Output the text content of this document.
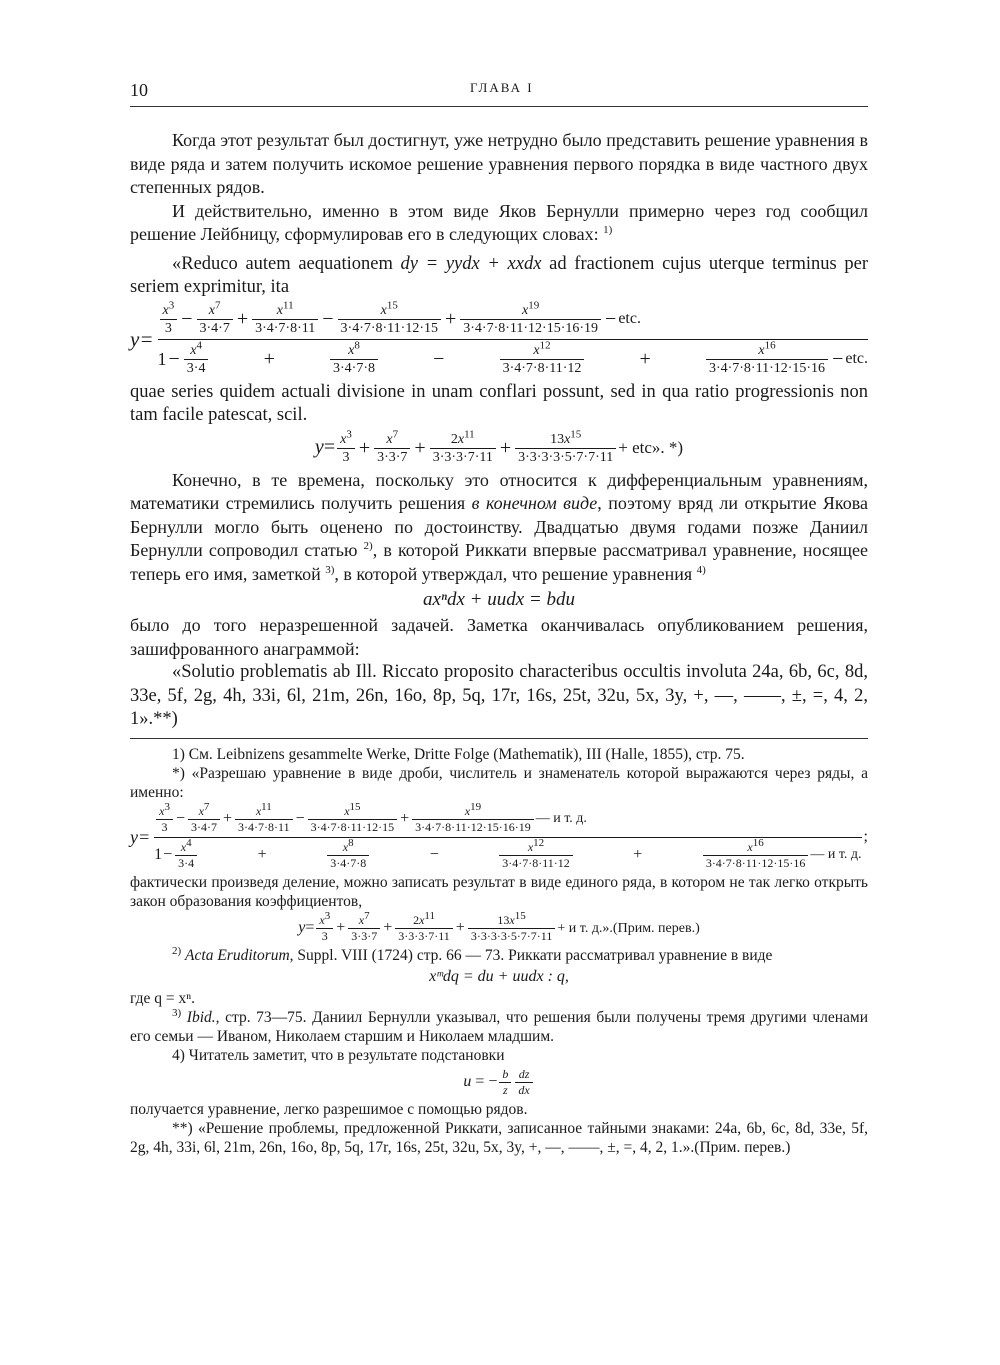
10	ГЛАВА I

Когда этот результат был достигнут, уже нетрудно было представить решение уравнения в виде ряда и затем получить искомое решение уравнения первого порядка в виде частного двух степенных рядов.

И действительно, именно в этом виде Яков Бернулли примерно через год сообщил решение Лейбницу, сформулировав его в следующих словах: $^{1)}$

«Reduco autem aequationem dy = yydx + xxdx ad fractionem cujus uterque terminus per seriem exprimitur, ita

y=
$\frac{x^3}{3} - \frac{x^7}{3\cdot 4\cdot 7} + \frac{x^{11}}{3\cdot 4\cdot 7\cdot 8\cdot 11} - \frac{x^{15}}{3\cdot 4\cdot 7\cdot 8\cdot 11\cdot 12\cdot 15} + \frac{x^{19}}{3\cdot 4\cdot 7\cdot 8\cdot 11\cdot 12\cdot 15\cdot 16\cdot 19}$ − etc.
$1 - \frac{x^4}{3\cdot 4}$	+	$\frac{x^8}{3\cdot 4\cdot 7\cdot 8}$	−	$\frac{x^{12}}{3\cdot 4\cdot 7\cdot 8\cdot 11\cdot 12}$	+	$\frac{x^{16}}{3\cdot 4\cdot 7\cdot 8\cdot 11\cdot 12\cdot 15\cdot 16}$ − etc.

quae series quidem actuali divisione in unam conflari possunt, sed in qua ratio progressionis non tam facile patescat, scil.

$y= \frac{x^3}{3} + \frac{x^7}{3\cdot 3\cdot 7} + \frac{2x^{11}}{3\cdot 3\cdot 3\cdot 7\cdot 11} + \frac{13x^{15}}{3\cdot 3\cdot 3\cdot 3\cdot 5\cdot 7\cdot 7\cdot 11}$ + etc». *)

Конечно, в те времена, поскольку это относится к дифференциальным уравнениям, математики стремились получить решения в конечном виде, поэтому вряд ли открытие Якова Бернулли могло быть оценено по достоинству. Двадцатью двумя годами позже Даниил Бернулли сопроводил статью $^{2)}$, в которой Риккати впервые рассматривал уравнение, носящее теперь его имя, заметкой $^{3)}$, в которой утверждал, что решение уравнения $^{4)}$

axⁿdx + uudx = bdu

было до того неразрешенной задачей. Заметка оканчивалась опубликованием решения, зашифрованного анаграммой:

«Solutio problematis ab Ill. Riccato proposito characteribus occultis involuta 24a, 6b, 6c, 8d, 33e, 5f, 2g, 4h, 33i, 6l, 21m, 26n, 16o, 8p, 5q, 17r, 16s, 25t, 32u, 5x, 3y, +, —, ——, ±, =, 4, 2, 1».**)

1) См. Leibnizens gesammelte Werke, Dritte Folge (Mathematik), III (Halle, 1855), стр. 75.

*) «Разрешаю уравнение в виде дроби, числитель и знаменатель которой выражаются через ряды, а именно:

y=
$\frac{x^3}{3} - \frac{x^7}{3\cdot 4\cdot 7} + \frac{x^{11}}{3\cdot 4\cdot 7\cdot 8\cdot 11} - \frac{x^{15}}{3\cdot 4\cdot 7\cdot 8\cdot 11\cdot 12\cdot 15} + \frac{x^{19}}{3\cdot 4\cdot 7\cdot 8\cdot 11\cdot 12\cdot 15\cdot 16\cdot 19}$ — и т. д.
$1 - \frac{x^4}{3\cdot 4}$	+	$\frac{x^8}{3\cdot 4\cdot 7\cdot 8}$	−	$\frac{x^{12}}{3\cdot 4\cdot 7\cdot 8\cdot 11\cdot 12}$	+	$\frac{x^{16}}{3\cdot 4\cdot 7\cdot 8\cdot 11\cdot 12\cdot 15\cdot 16}$ — и т. д.
;

фактически произведя деление, можно записать результат в виде единого ряда, в котором не так легко открыть закон образования коэффициентов,

$y= \frac{x^3}{3} + \frac{x^7}{3\cdot 3\cdot 7} + \frac{2x^{11}}{3\cdot 3\cdot 3\cdot 7\cdot 11} + \frac{13x^{15}}{3\cdot 3\cdot 3\cdot 3\cdot 5\cdot 7\cdot 7\cdot 11} + и$ т. д.».(Прим. перев.)

$^{2)}$ Acta Eruditorum, Suppl. VIII (1724) стр. 66 — 73. Риккати рассматривал уравнение в виде

xᵐdq = du + uudx : q,

где q = xⁿ.

$^{3)}$ Ibid., стр. 73—75. Даниил Бернулли указывал, что решения были получены тремя другими членами его семьи — Иваном, Николаем старшим и Николаем младшим.

4) Читатель заметит, что в результате подстановки

u = − $\frac{b}{z} \frac{dz}{dx}$

получается уравнение, легко разрешимое с помощью рядов.

**) «Решение проблемы, предложенной Риккати, записанное тайными знаками: 24a, 6b, 6c, 8d, 33e, 5f, 2g, 4h, 33i, 6l, 21m, 26n, 16o, 8p, 5q, 17r, 16s, 25t, 32u, 5x, 3y, +, —, ——, ±, =, 4, 2, 1.».(Прим. перев.)
